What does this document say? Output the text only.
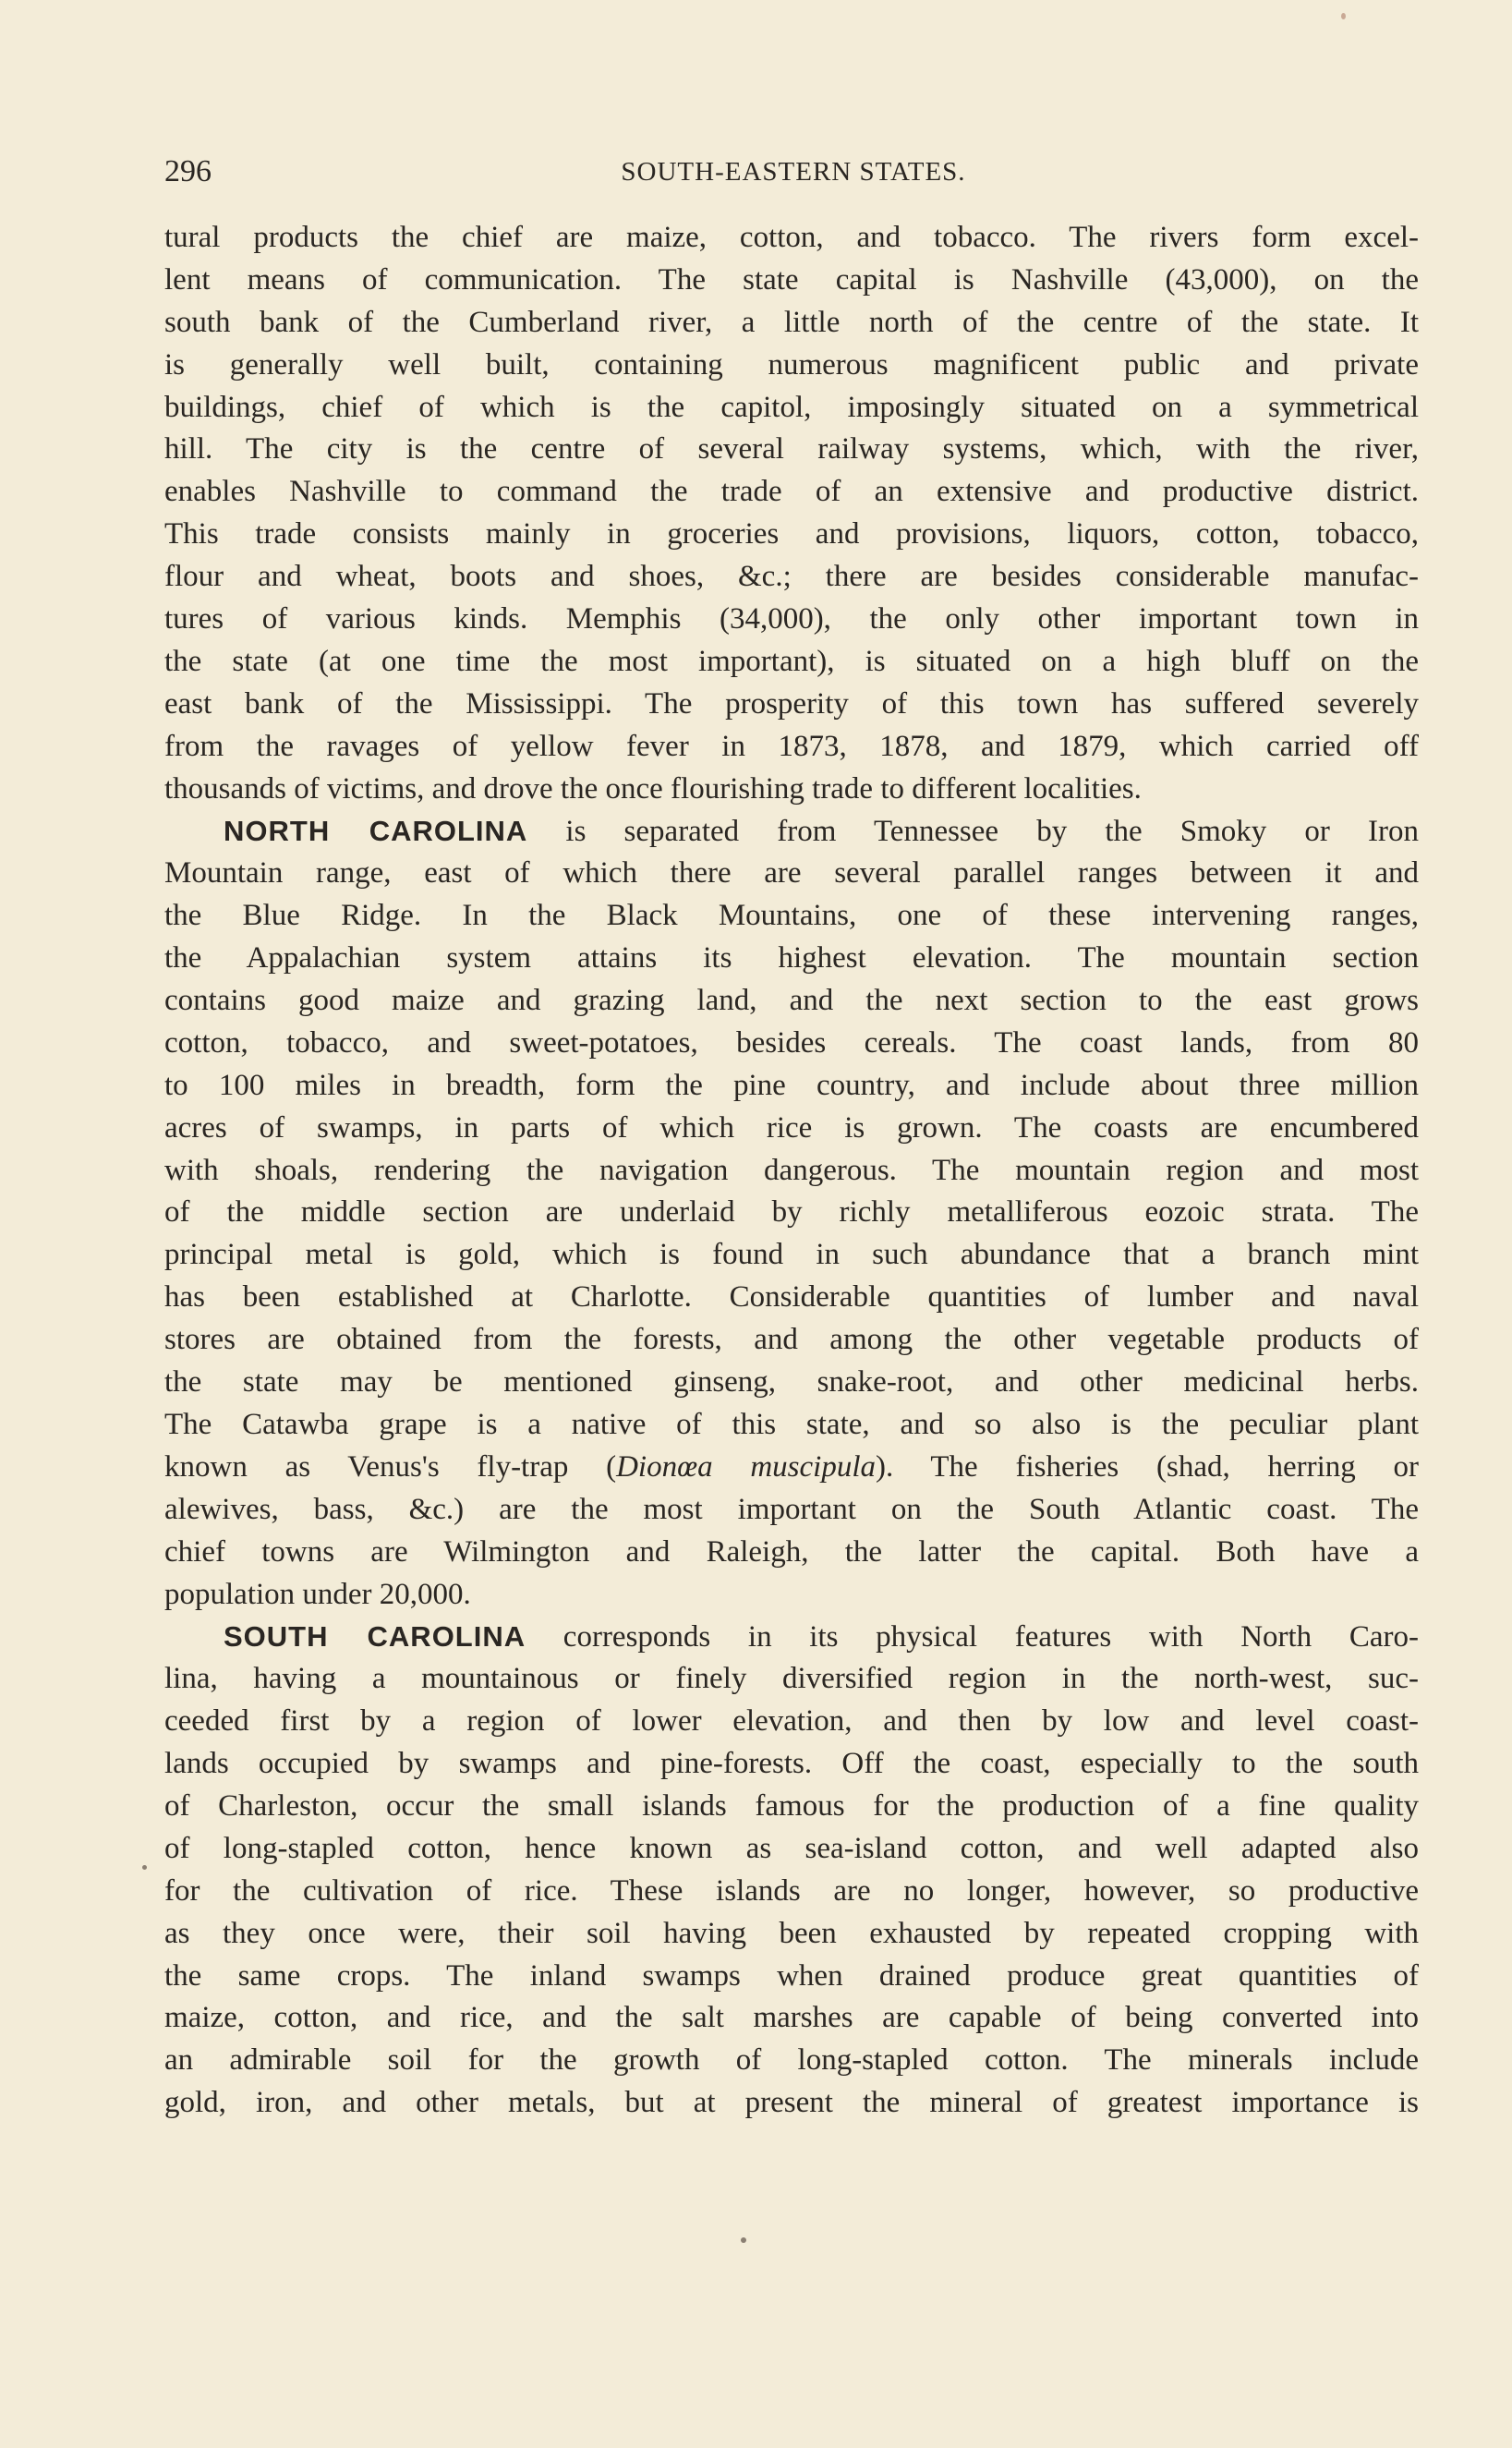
296	SOUTH-EASTERN STATES.
tural products the chief are maize, cotton, and tobacco. The rivers form excel-
lent means of communication. The state capital is Nashville (43,000), on the
south bank of the Cumberland river, a little north of the centre of the state. It
is generally well built, containing numerous magnificent public and private
buildings, chief of which is the capitol, imposingly situated on a symmetrical
hill. The city is the centre of several railway systems, which, with the river,
enables Nashville to command the trade of an extensive and productive district.
This trade consists mainly in groceries and provisions, liquors, cotton, tobacco,
flour and wheat, boots and shoes, &c.; there are besides considerable manufac-
tures of various kinds. Memphis (34,000), the only other important town in
the state (at one time the most important), is situated on a high bluff on the
east bank of the Mississippi. The prosperity of this town has suffered severely
from the ravages of yellow fever in 1873, 1878, and 1879, which carried off
thousands of victims, and drove the once flourishing trade to different localities.
NORTH CAROLINA is separated from Tennessee by the Smoky or Iron
Mountain range, east of which there are several parallel ranges between it and
the Blue Ridge. In the Black Mountains, one of these intervening ranges,
the Appalachian system attains its highest elevation. The mountain section
contains good maize and grazing land, and the next section to the east grows
cotton, tobacco, and sweet-potatoes, besides cereals. The coast lands, from 80
to 100 miles in breadth, form the pine country, and include about three million
acres of swamps, in parts of which rice is grown. The coasts are encumbered
with shoals, rendering the navigation dangerous. The mountain region and most
of the middle section are underlaid by richly metalliferous eozoic strata. The
principal metal is gold, which is found in such abundance that a branch mint
has been established at Charlotte. Considerable quantities of lumber and naval
stores are obtained from the forests, and among the other vegetable products of
the state may be mentioned ginseng, snake-root, and other medicinal herbs.
The Catawba grape is a native of this state, and so also is the peculiar plant
known as Venus's fly-trap (Dionœa muscipula). The fisheries (shad, herring or
alewives, bass, &c.) are the most important on the South Atlantic coast. The
chief towns are Wilmington and Raleigh, the latter the capital. Both have a
population under 20,000.
SOUTH CAROLINA corresponds in its physical features with North Caro-
lina, having a mountainous or finely diversified region in the north-west, suc-
ceeded first by a region of lower elevation, and then by low and level coast-
lands occupied by swamps and pine-forests. Off the coast, especially to the south
of Charleston, occur the small islands famous for the production of a fine quality
of long-stapled cotton, hence known as sea-island cotton, and well adapted also
for the cultivation of rice. These islands are no longer, however, so productive
as they once were, their soil having been exhausted by repeated cropping with
the same crops. The inland swamps when drained produce great quantities of
maize, cotton, and rice, and the salt marshes are capable of being converted into
an admirable soil for the growth of long-stapled cotton. The minerals include
gold, iron, and other metals, but at present the mineral of greatest importance is
